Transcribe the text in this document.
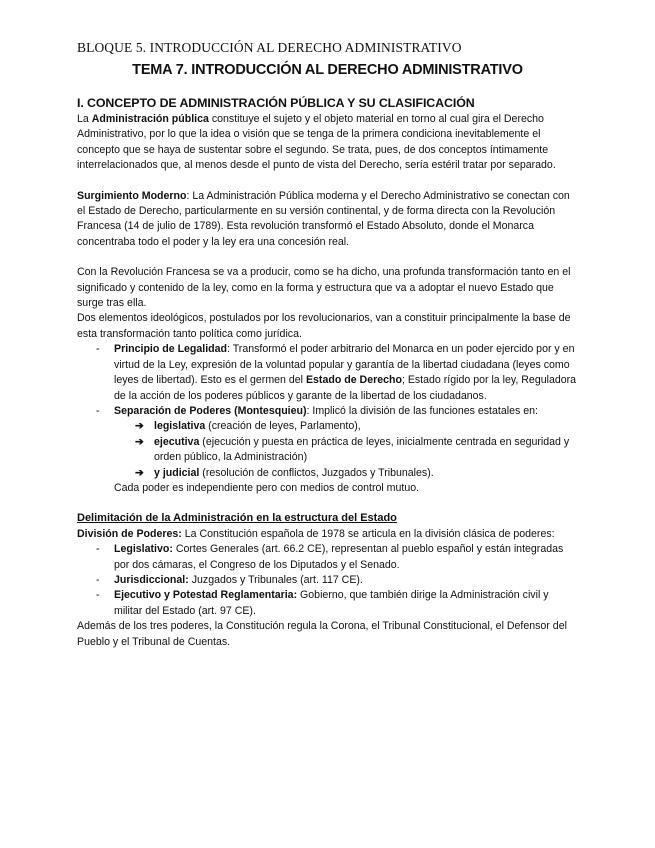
BLOQUE 5. INTRODUCCIÓN AL DERECHO ADMINISTRATIVO
TEMA 7. INTRODUCCIÓN AL DERECHO ADMINISTRATIVO
I. CONCEPTO DE ADMINISTRACIÓN PÚBLICA Y SU CLASIFICACIÓN

La Administración pública constituye el sujeto y el objeto material en torno al cual gira el Derecho Administrativo, por lo que la idea o visión que se tenga de la primera condiciona inevitablemente el concepto que se haya de sustentar sobre el segundo. Se trata, pues, de dos conceptos íntimamente interrelacionados que, al menos desde el punto de vista del Derecho, sería estéril tratar por separado.

Surgimiento Moderno: La Administración Pública moderna y el Derecho Administrativo se conectan con el Estado de Derecho, particularmente en su versión continental, y de forma directa con la Revolución Francesa (14 de julio de 1789). Esta revolución transformó el Estado Absoluto, donde el Monarca concentraba todo el poder y la ley era una concesión real.

Con la Revolución Francesa se va a producir, como se ha dicho, una profunda transformación tanto en el significado y contenido de la ley, como en la forma y estructura que va a adoptar el nuevo Estado que surge tras ella.

Dos elementos ideológicos, postulados por los revolucionarios, van a constituir principalmente la base de esta transformación tanto política como jurídica.

- Principio de Legalidad: Transformó el poder arbitrario del Monarca en un poder ejercido por y en virtud de la Ley, expresión de la voluntad popular y garantía de la libertad ciudadana (leyes como leyes de libertad). Esto es el germen del Estado de Derecho; Estado rígido por la ley, Reguladora de la acción de los poderes públicos y garante de la libertad de los ciudadanos.
- Separación de Poderes (Montesquieu): Implicó la división de las funciones estatales en:
➔ legislativa (creación de leyes, Parlamento),
➔ ejecutiva (ejecución y puesta en práctica de leyes, inicialmente centrada en seguridad y orden público, la Administración)
➔ y judicial (resolución de conflictos, Juzgados y Tribunales).

Cada poder es independiente pero con medios de control mutuo.

Delimitación de la Administración en la estructura del Estado

División de Poderes: La Constitución española de 1978 se articula en la división clásica de poderes:

- Legislativo: Cortes Generales (art. 66.2 CE), representan al pueblo español y están integradas por dos cámaras, el Congreso de los Diputados y el Senado.
- Jurisdiccional: Juzgados y Tribunales (art. 117 CE).
- Ejecutivo y Potestad Reglamentaria: Gobierno, que también dirige la Administración civil y militar del Estado (art. 97 CE).

Además de los tres poderes, la Constitución regula la Corona, el Tribunal Constitucional, el Defensor del Pueblo y el Tribunal de Cuentas.
